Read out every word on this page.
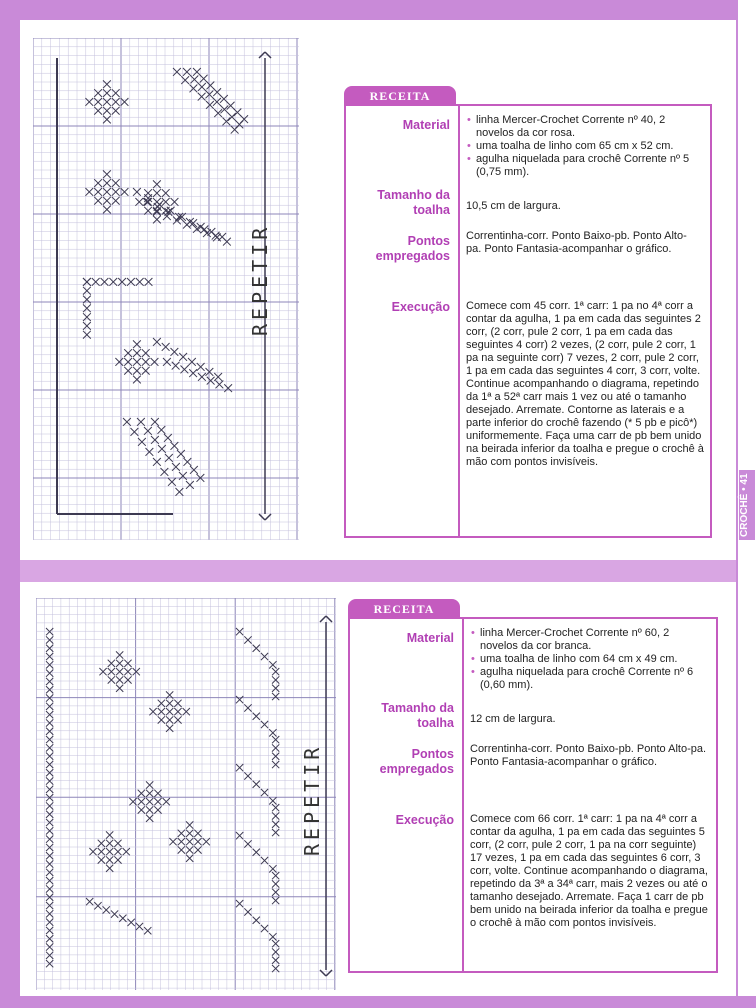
CROCHÊ • 41
REPETIR
REPETIR
RECEITA
Material • linha Mercer-Crochet Corrente nº 40, 2 novelos da cor rosa.
• uma toalha de linho com 65 cm x 52 cm.
• agulha niquelada para crochê Corrente nº 5 (0,75 mm).
Tamanho da toalha 10,5 cm de largura.
Pontos empregados
Correntinha-corr. Ponto Baixo-pb. Ponto Alto-pa. Ponto Fantasia-acompanhar o gráfico.
Execução Comece com 45 corr. 1ª carr: 1 pa no 4ª corr a contar da agulha, 1 pa em cada das seguintes 2 corr, (2 corr, pule 2 corr, 1 pa em cada das seguintes 4 corr) 2 vezes, (2 corr, pule 2 corr, 1 pa na seguinte corr) 7 vezes, 2 corr, pule 2 corr, 1 pa em cada das seguintes 4 corr, 3 corr, volte. Continue acompanhando o diagrama, repetindo da 1ª a 52ª carr mais 1 vez ou até o tamanho desejado. Arremate. Contorne as laterais e a parte inferior do crochê fazendo (* 5 pb e picô*) uniformemente. Faça uma carr de pb bem unido na beirada inferior da toalha e pregue o crochê à mão com pontos invisíveis.
RECEITA
Material • linha Mercer-Crochet Corrente nº 60, 2 novelos da cor branca.
• uma toalha de linho com 64 cm x 49 cm.
• agulha niquelada para crochê Corrente nº 6 (0,60 mm).
Tamanho da toalha 12 cm de largura.
Pontos empregados
Correntinha-corr. Ponto Baixo-pb. Ponto Alto-pa. Ponto Fantasia-acompanhar o gráfico.
Execução Comece com 66 corr. 1ª carr: 1 pa na 4ª corr a contar da agulha, 1 pa em cada das seguintes 5 corr, (2 corr, pule 2 corr, 1 pa na corr seguinte) 17 vezes, 1 pa em cada das seguintes 6 corr, 3 corr, volte. Continue acompanhando o diagrama, repetindo da 3ª a 34ª carr, mais 2 vezes ou até o tamanho desejado. Arremate. Faça 1 carr de pb bem unido na beirada inferior da toalha e pregue o crochê à mão com pontos invisíveis.
